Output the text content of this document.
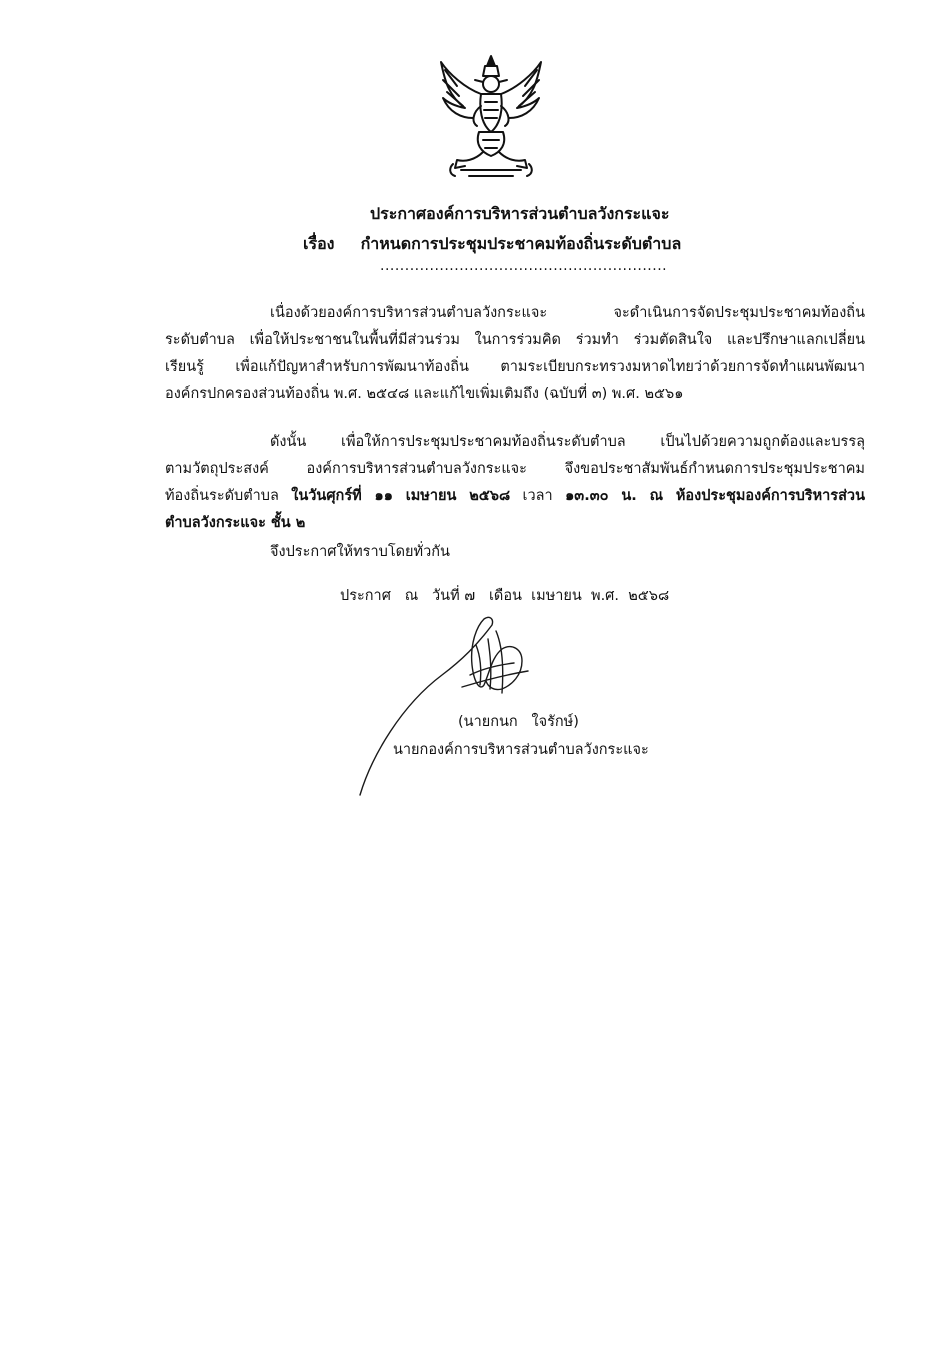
ประกาศองค์การบริหารส่วนตำบลวังกระแจะ
เรื่อง กำหนดการประชุมประชาคมท้องถิ่นระดับตำบล
..........................................................
เนื่องด้วยองค์การบริหารส่วนตำบลวังกระแจะ จะดำเนินการจัดประชุมประชาคมท้องถิ่น
ระดับตำบล เพื่อให้ประชาชนในพื้นที่มีส่วนร่วม ในการร่วมคิด ร่วมทำ ร่วมตัดสินใจ และปรึกษาแลกเปลี่ยน
เรียนรู้ เพื่อแก้ปัญหาสำหรับการพัฒนาท้องถิ่น ตามระเบียบกระทรวงมหาดไทยว่าด้วยการจัดทำแผนพัฒนา
องค์กรปกครองส่วนท้องถิ่น พ.ศ. ๒๕๔๘ และแก้ไขเพิ่มเติมถึง (ฉบับที่ ๓) พ.ศ. ๒๕๖๑
ดังนั้น เพื่อให้การประชุมประชาคมท้องถิ่นระดับตำบล เป็นไปด้วยความถูกต้องและบรรลุ
ตามวัตถุประสงค์ องค์การบริหารส่วนตำบลวังกระแจะ จึงขอประชาสัมพันธ์กำหนดการประชุมประชาคม
ท้องถิ่นระดับตำบล ในวันศุกร์ที่ ๑๑ เมษายน ๒๕๖๘ เวลา ๑๓.๓๐ น. ณ ห้องประชุมองค์การบริหารส่วน
ตำบลวังกระแจะ ชั้น ๒
จึงประกาศให้ทราบโดยทั่วกัน
ประกาศ   ณ   วันที่ ๗   เดือน  เมษายน  พ.ศ.  ๒๕๖๘
(นายกนก   ใจรักษ์)
นายกองค์การบริหารส่วนตำบลวังกระแจะ
